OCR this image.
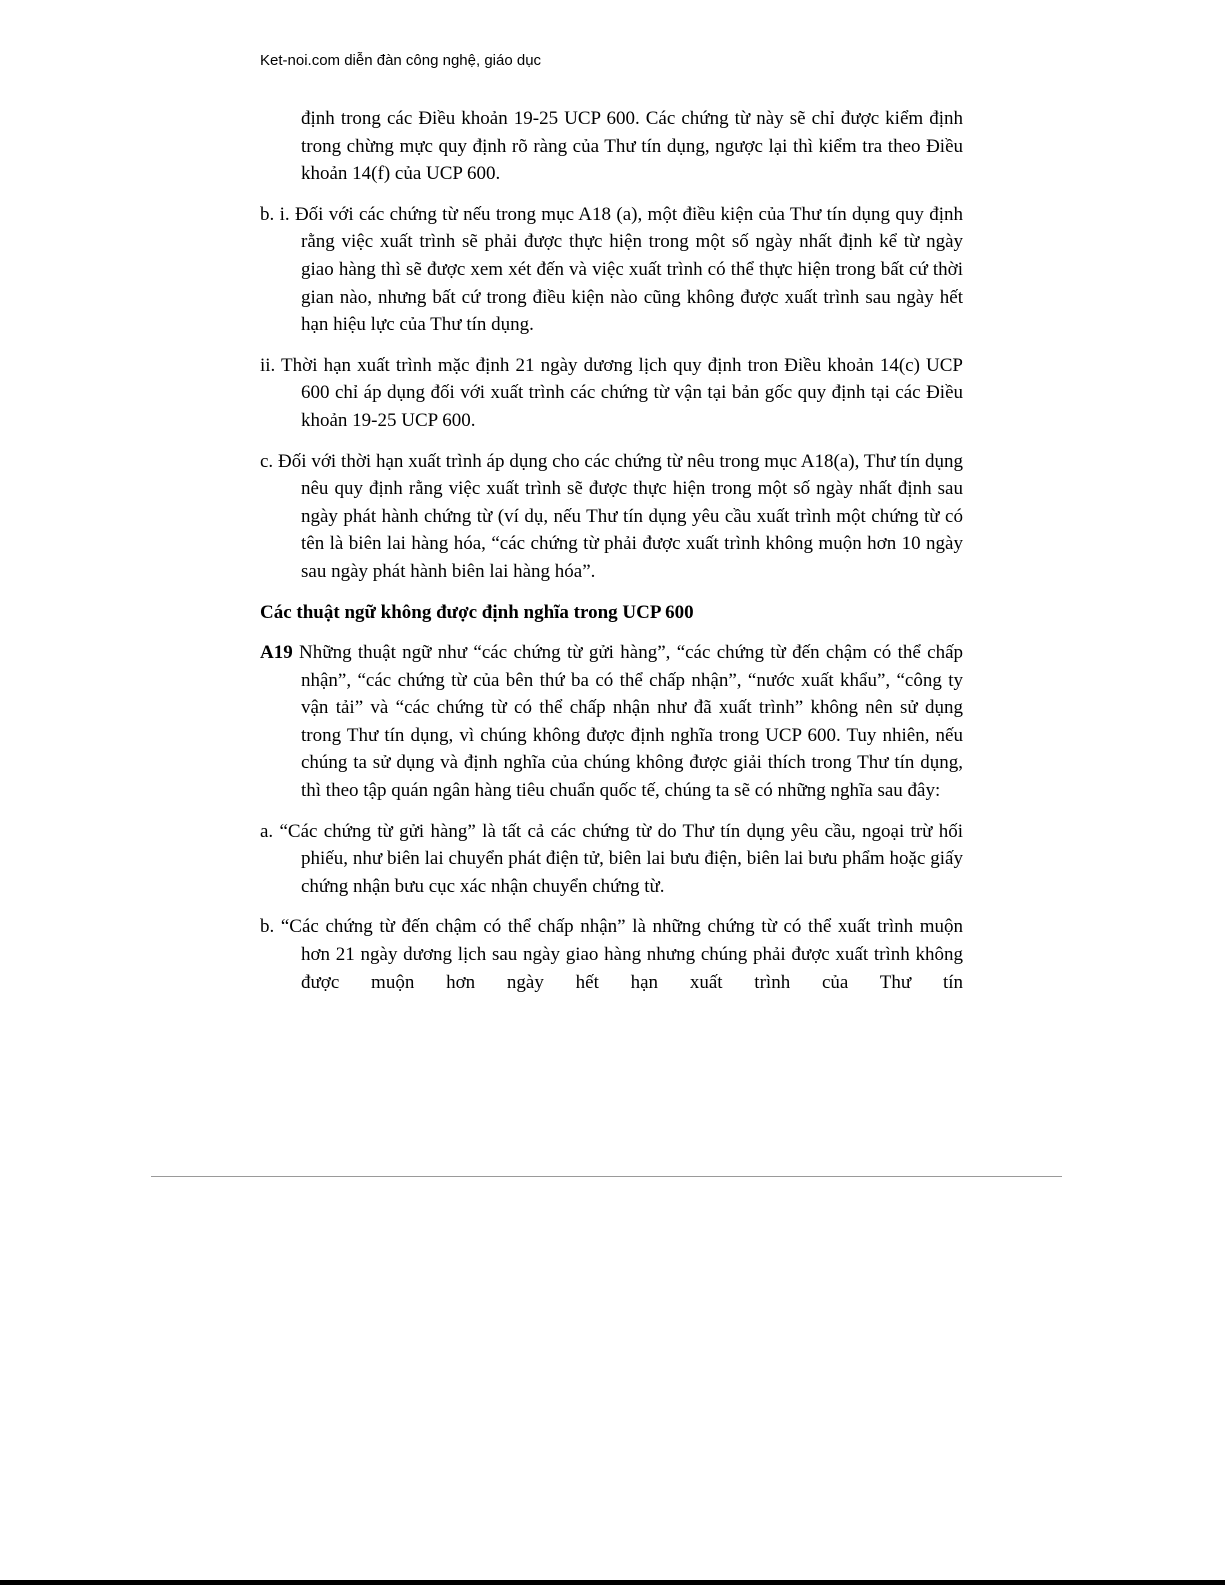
Ket-noi.com diễn đàn công nghệ, giáo dục

định trong các Điều khoản 19-25 UCP 600. Các chứng từ này sẽ chỉ được kiểm định trong chừng mực quy định rõ ràng của Thư tín dụng, ngược lại thì kiểm tra theo Điều khoản 14(f) của UCP 600.

b. i. Đối với các chứng từ nếu trong mục A18 (a), một điều kiện của Thư tín dụng quy định rằng việc xuất trình sẽ phải được thực hiện trong một số ngày nhất định kể từ ngày giao hàng thì sẽ được xem xét đến và việc xuất trình có thể thực hiện trong bất cứ thời gian nào, nhưng bất cứ trong điều kiện nào cũng không được xuất trình sau ngày hết hạn hiệu lực của Thư tín dụng.

ii. Thời hạn xuất trình mặc định 21 ngày dương lịch quy định tron Điều khoản 14(c) UCP 600 chỉ áp dụng đối với xuất trình các chứng từ vận tại bản gốc quy định tại các Điều khoản 19-25 UCP 600.

c. Đối với thời hạn xuất trình áp dụng cho các chứng từ nêu trong mục A18(a), Thư tín dụng nêu quy định rằng việc xuất trình sẽ được thực hiện trong một số ngày nhất định sau ngày phát hành chứng từ (ví dụ, nếu Thư tín dụng yêu cầu xuất trình một chứng từ có tên là biên lai hàng hóa, “các chứng từ phải được xuất trình không muộn hơn 10 ngày sau ngày phát hành biên lai hàng hóa”.

Các thuật ngữ không được định nghĩa trong UCP 600

A19 Những thuật ngữ như “các chứng từ gửi hàng”, “các chứng từ đến chậm có thể chấp nhận”, “các chứng từ của bên thứ ba có thể chấp nhận”, “nước xuất khẩu”, “công ty vận tải” và “các chứng từ có thể chấp nhận như đã xuất trình” không nên sử dụng trong Thư tín dụng, vì chúng không được định nghĩa trong UCP 600. Tuy nhiên, nếu chúng ta sử dụng và định nghĩa của chúng không được giải thích trong Thư tín dụng, thì theo tập quán ngân hàng tiêu chuẩn quốc tế, chúng ta sẽ có những nghĩa sau đây:

a. “Các chứng từ gửi hàng” là tất cả các chứng từ do Thư tín dụng yêu cầu, ngoại trừ hối phiếu, như biên lai chuyển phát điện tử, biên lai bưu điện, biên lai bưu phẩm hoặc giấy chứng nhận bưu cục xác nhận chuyển chứng từ.

b. “Các chứng từ đến chậm có thể chấp nhận” là những chứng từ có thể xuất trình muộn hơn 21 ngày dương lịch sau ngày giao hàng nhưng chúng phải được xuất trình không được muộn hơn ngày hết hạn xuất trình của Thư tín
